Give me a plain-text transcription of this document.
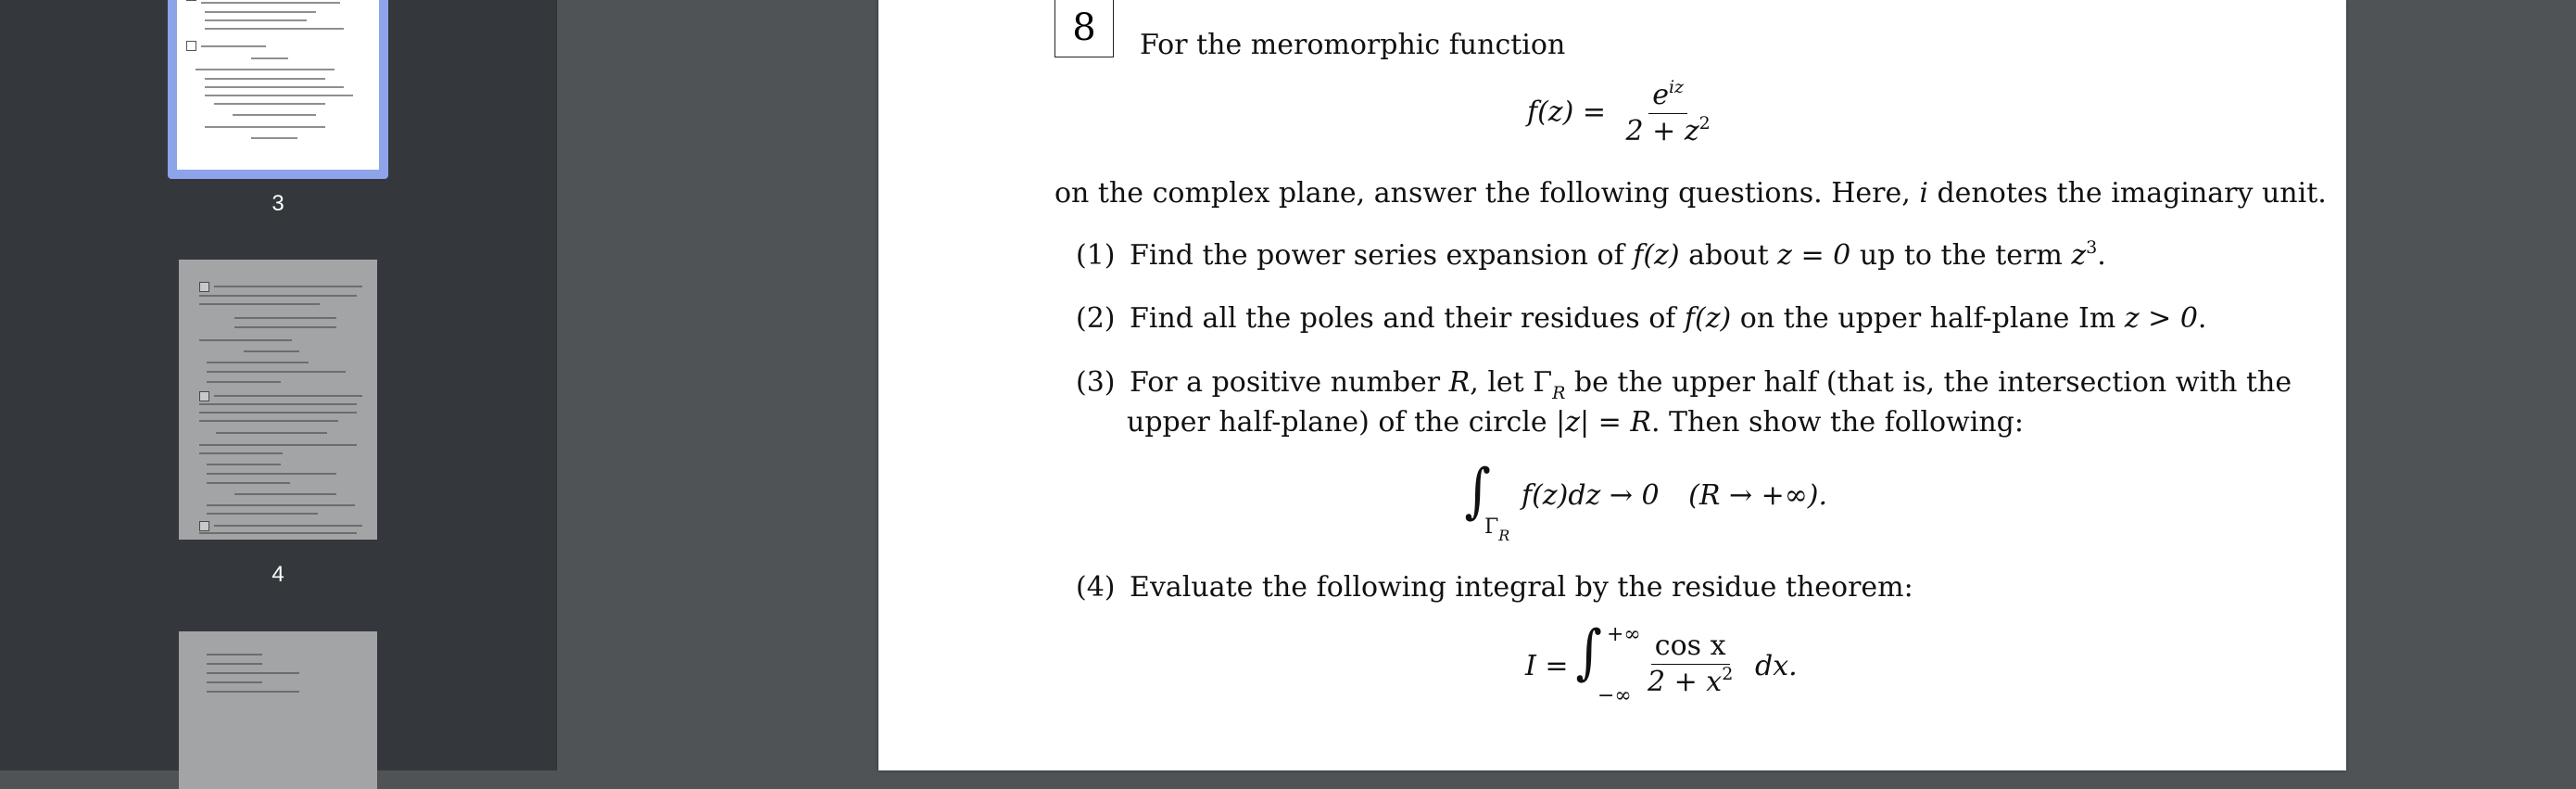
3
4
8	For the meromorphic function
$f(z) = \frac{e^{iz}}{2 + z^2}$
on the complex plane, answer the following questions. Here, i denotes the imaginary unit.
(1) Find the power series expansion of f(z) about z = 0 up to the term $z^3$.
(2) Find all the poles and their residues of f(z) on the upper half-plane Im z > 0.
(3) For a positive number R, let $\Gamma_R$ be the upper half (that is, the intersection with the
upper half-plane) of the circle |z| = R. Then show the following:
∫
$\Gamma_R$
f(z)dz → 0 (R → +∞).
(4) Evaluate the following integral by the residue theorem:
I = ∫ +∞
−∞ $\frac{\text{cos x}}{2 + x^2}$ dx.
